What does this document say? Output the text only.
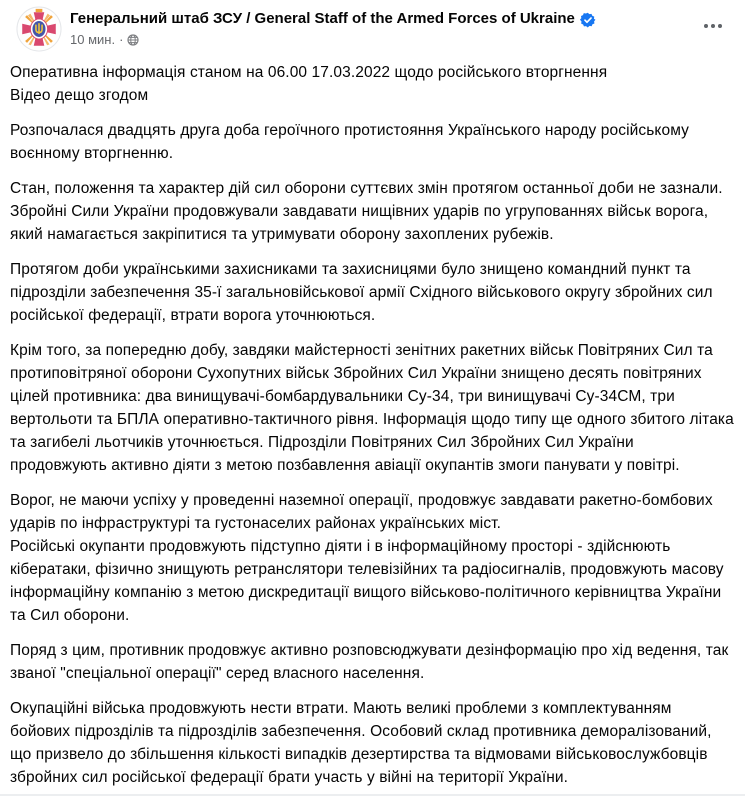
Генеральний штаб ЗСУ / General Staff of the Armed Forces of Ukraine
10 мин. ·
Оперативна інформація станом на 06.00 17.03.2022 щодо російського вторгнення
Відео дещо згодом
Розпочалася двадцять друга доба героїчного протистояння Українського народу російському воєнному вторгненню.
Стан, положення та характер дій сил оборони суттєвих змін протягом останньої доби не зазнали. Збройні Сили України продовжували завдавати нищівних ударів по угрупованнях військ ворога, який намагається закріпитися та утримувати оборону захоплених рубежів.
Протягом доби українськими захисниками та захисницями було знищено командний пункт та підрозділи забезпечення 35-ї загальновійськової армії Східного військового округу збройних сил російської федерації, втрати ворога уточнюються.
Крім того, за попередню добу, завдяки майстерності зенітних ракетних військ Повітряних Сил та протиповітряної оборони Сухопутних військ Збройних Сил України знищено десять повітряних цілей противника: два винищувачі-бомбардувальники Су-34, три винищувачі Су-34СМ, три вертольоти та БПЛА оперативно-тактичного рівня. Інформація щодо типу ще одного збитого літака та загибелі льотчиків уточнюється. Підрозділи Повітряних Сил Збройних Сил України продовжують активно діяти з метою позбавлення авіації окупантів змоги панувати у повітрі.
Ворог, не маючи успіху у проведенні наземної операції, продовжує завдавати ракетно-бомбових ударів по інфраструктурі та густонаселих районах українських міст.
Російські окупанти продовжують підступно діяти і в інформаційному просторі - здійснюють кібератаки, фізично знищують ретранслятори телевізійних та радіосигналів, продовжують масову інформаційну компанію з метою дискредитації вищого військово-політичного керівництва України та Сил оборони.
Поряд з цим, противник продовжує активно розповсюджувати дезінформацію про хід ведення, так званої "спеціальної операції" серед власного населення.
Окупаційні війська продовжують нести втрати. Мають великі проблеми з комплектуванням бойових підрозділів та підрозділів забезпечення. Особовий склад противника деморалізований, що призвело до збільшення кількості випадків дезертирства та відмовами військовослужбовців збройних сил російської федерації брати участь у війні на території України.
